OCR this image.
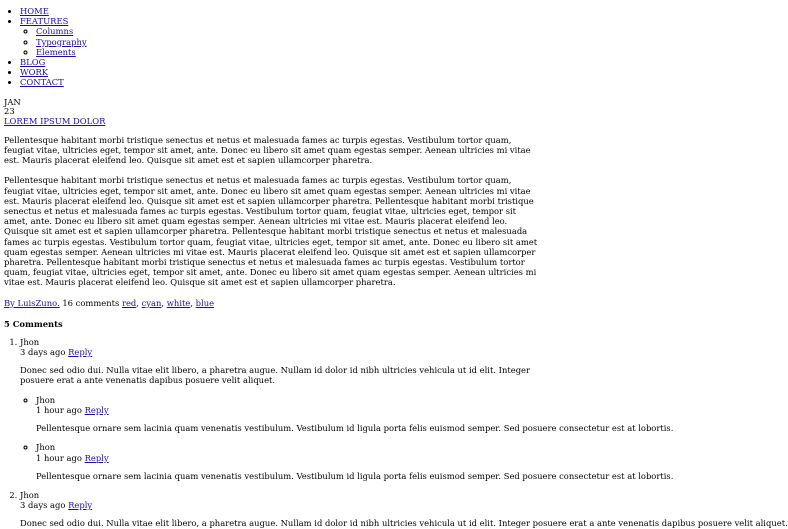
• HOME
• FEATURES
◦ Columns
◦ Typography
◦ Elements
• BLOG
• WORK
• CONTACT
JAN
23
LOREM IPSUM DOLOR

Pellentesque habitant morbi tristique senectus et netus et malesuada fames ac turpis egestas. Vestibulum tortor quam, feugiat vitae, ultricies eget, tempor sit amet, ante. Donec eu libero sit amet quam egestas semper. Aenean ultricies mi vitae est. Mauris placerat eleifend leo. Quisque sit amet est et sapien ullamcorper pharetra.

Pellentesque habitant morbi tristique senectus et netus et malesuada fames ac turpis egestas. Vestibulum tortor quam, feugiat vitae, ultricies eget, tempor sit amet, ante. Donec eu libero sit amet quam egestas semper. Aenean ultricies mi vitae est. Mauris placerat eleifend leo. Quisque sit amet est et sapien ullamcorper pharetra. Pellentesque habitant morbi tristique senectus et netus et malesuada fames ac turpis egestas. Vestibulum tortor quam, feugiat vitae, ultricies eget, tempor sit amet, ante. Donec eu libero sit amet quam egestas semper. Aenean ultricies mi vitae est. Mauris placerat eleifend leo. Quisque sit amet est et sapien ullamcorper pharetra. Pellentesque habitant morbi tristique senectus et netus et malesuada fames ac turpis egestas. Vestibulum tortor quam, feugiat vitae, ultricies eget, tempor sit amet, ante. Donec eu libero sit amet quam egestas semper. Aenean ultricies mi vitae est. Mauris placerat eleifend leo. Quisque sit amet est et sapien ullamcorper pharetra. Pellentesque habitant morbi tristique senectus et netus et malesuada fames ac turpis egestas. Vestibulum tortor quam, feugiat vitae, ultricies eget, tempor sit amet, ante. Donec eu libero sit amet quam egestas semper. Aenean ultricies mi vitae est. Mauris placerat eleifend leo. Quisque sit amet est et sapien ullamcorper pharetra.

By LuisZuno. 16 comments red, cyan, white, blue
5 Comments
1. Jhon
3 days ago Reply

Donec sed odio dui. Nulla vitae elit libero, a pharetra augue. Nullam id dolor id nibh ultricies vehicula ut id elit. Integer posuere erat a ante venenatis dapibus posuere velit aliquet.

◦ Jhon
1 hour ago Reply

Pellentesque ornare sem lacinia quam venenatis vestibulum. Vestibulum id ligula porta felis euismod semper. Sed posuere consectetur est at lobortis.

◦ Jhon
1 hour ago Reply

Pellentesque ornare sem lacinia quam venenatis vestibulum. Vestibulum id ligula porta felis euismod semper. Sed posuere consectetur est at lobortis.

2. Jhon
3 days ago Reply

Donec sed odio dui. Nulla vitae elit libero, a pharetra augue. Nullam id dolor id nibh ultricies vehicula ut id elit. Integer posuere erat a ante venenatis dapibus posuere velit aliquet.
